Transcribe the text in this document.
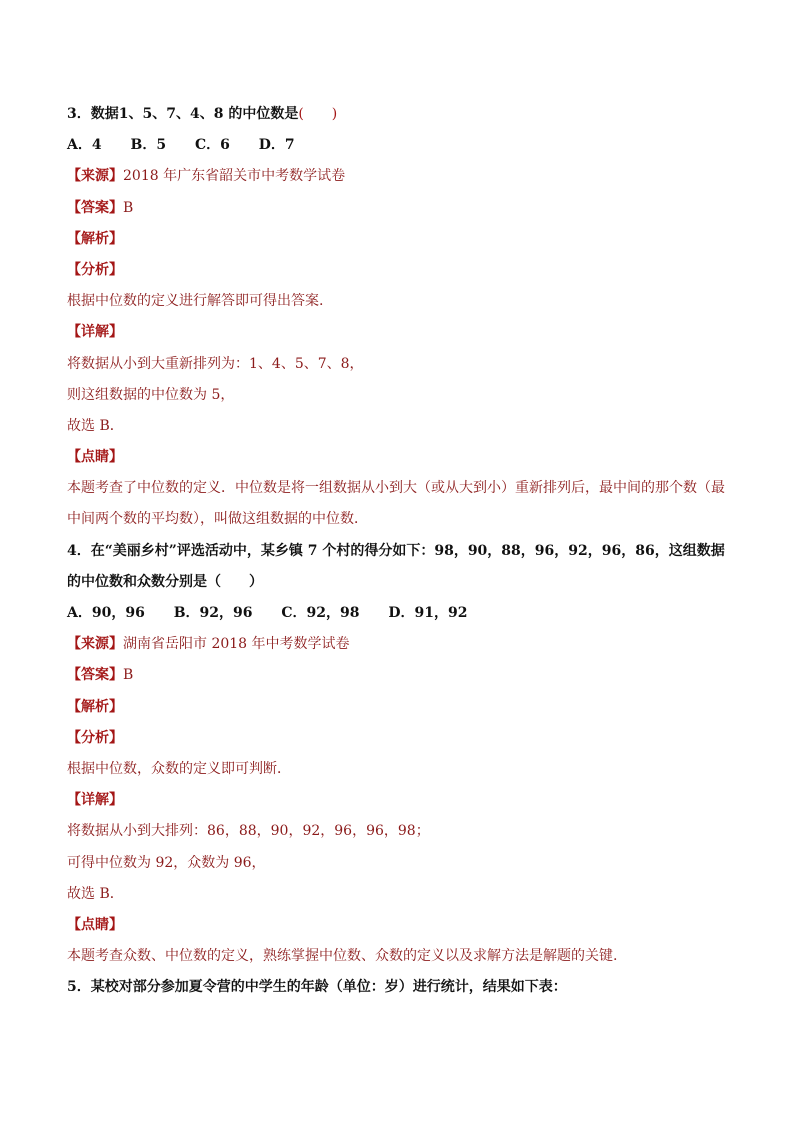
3．数据1、5、7、4、8 的中位数是(　　)
A．4 B．5 C．6 D．7
【来源】2018 年广东省韶关市中考数学试卷
【答案】B
【解析】
【分析】
根据中位数的定义进行解答即可得出答案.
【详解】
将数据从小到大重新排列为：1、4、5、7、8，
则这组数据的中位数为 5，
故选 B．
【点睛】
本题考查了中位数的定义．中位数是将一组数据从小到大（或从大到小）重新排列后，最中间的那个数（最中间两个数的平均数），叫做这组数据的中位数．
4．在“美丽乡村”评选活动中，某乡镇 7 个村的得分如下：98，90，88，96，92，96，86，这组数据的中位数和众数分别是（　　）
A．90，96 B．92，96 C．92，98 D．91，92
【来源】湖南省岳阳市 2018 年中考数学试卷
【答案】B
【解析】
【分析】
根据中位数，众数的定义即可判断．
【详解】
将数据从小到大排列：86，88，90，92，96，96，98；
可得中位数为 92，众数为 96，
故选 B．
【点睛】
本题考查众数、中位数的定义，熟练掌握中位数、众数的定义以及求解方法是解题的关键.
5．某校对部分参加夏令营的中学生的年龄（单位：岁）进行统计，结果如下表：
